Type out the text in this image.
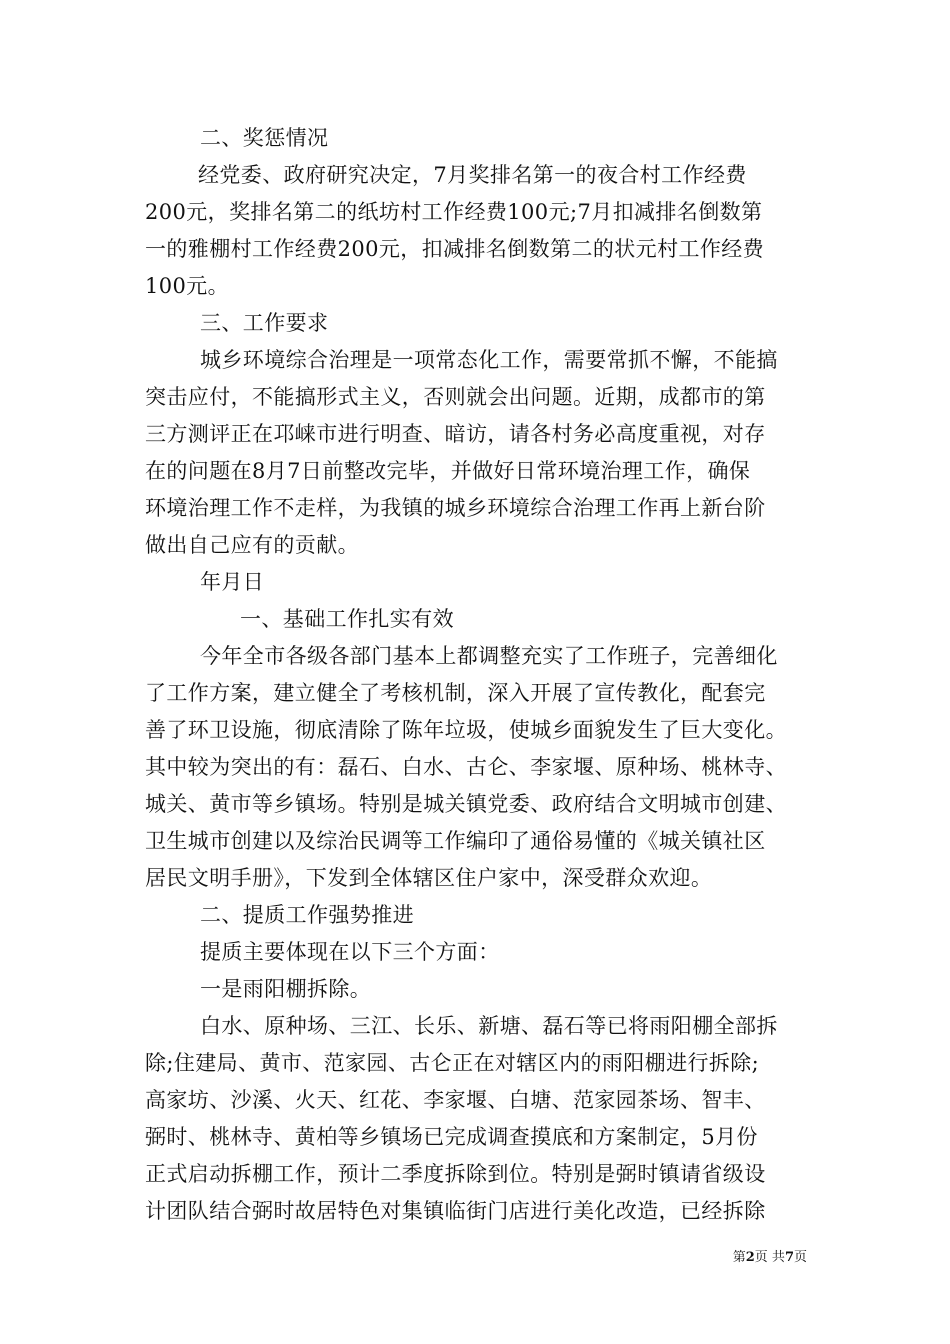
二、奖惩情况
经党委、政府研究决定，7月奖排名第一的夜合村工作经费
200元，奖排名第二的纸坊村工作经费100元;7月扣减排名倒数第
一的雅棚村工作经费200元，扣减排名倒数第二的状元村工作经费
100元。
三、工作要求
城乡环境综合治理是一项常态化工作，需要常抓不懈，不能搞
突击应付，不能搞形式主义，否则就会出问题。近期，成都市的第
三方测评正在邛崃市进行明查、暗访，请各村务必高度重视，对存
在的问题在8月7日前整改完毕，并做好日常环境治理工作，确保
环境治理工作不走样，为我镇的城乡环境综合治理工作再上新台阶
做出自己应有的贡献。
年月日
一、基础工作扎实有效
今年全市各级各部门基本上都调整充实了工作班子，完善细化
了工作方案，建立健全了考核机制，深入开展了宣传教化，配套完
善了环卫设施，彻底清除了陈年垃圾，使城乡面貌发生了巨大变化。
其中较为突出的有：磊石、白水、古仑、李家堰、原种场、桃林寺、
城关、黄市等乡镇场。特别是城关镇党委、政府结合文明城市创建、
卫生城市创建以及综治民调等工作编印了通俗易懂的《城关镇社区
居民文明手册》，下发到全体辖区住户家中，深受群众欢迎。
二、提质工作强势推进
提质主要体现在以下三个方面：
一是雨阳棚拆除。
白水、原种场、三江、长乐、新塘、磊石等已将雨阳棚全部拆
除;住建局、黄市、范家园、古仑正在对辖区内的雨阳棚进行拆除;
高家坊、沙溪、火天、红花、李家堰、白塘、范家园茶场、智丰、
弼时、桃林寺、黄柏等乡镇场已完成调查摸底和方案制定，5月份
正式启动拆棚工作，预计二季度拆除到位。特别是弼时镇请省级设
计团队结合弼时故居特色对集镇临街门店进行美化改造，已经拆除
第2页 共7页
